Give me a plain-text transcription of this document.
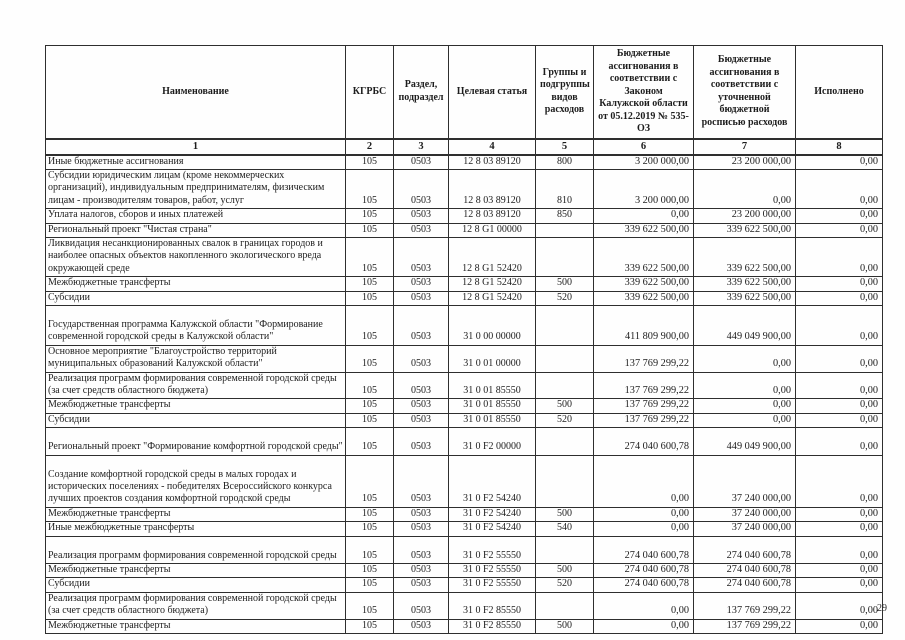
Наименование	КГРБС	Раздел, подраздел	Целевая статья	Группы и подгруппы видов расходов	Бюджетные ассигнования в соответствии с Законом Калужской области от 05.12.2019 № 535-ОЗ	Бюджетные ассигнования в соответствии с уточненной бюджетной росписью расходов	Исполнено
1	2	3	4	5	6	7	8
Иные бюджетные ассигнования	105	0503	12 8 03 89120	800	3 200 000,00	23 200 000,00	0,00
Субсидии юридическим лицам (кроме некоммерческих организаций), индивидуальным предпринимателям, физическим лицам - производителям товаров, работ, услуг	105	0503	12 8 03 89120	810	3 200 000,00	0,00	0,00
Уплата налогов, сборов и иных платежей	105	0503	12 8 03 89120	850	0,00	23 200 000,00	0,00
Региональный проект "Чистая страна"	105	0503	12 8 G1 00000		339 622 500,00	339 622 500,00	0,00
Ликвидация несанкционированных свалок в границах городов и наиболее опасных объектов накопленного экологического вреда окружающей среде	105	0503	12 8 G1 52420		339 622 500,00	339 622 500,00	0,00
Межбюджетные трансферты	105	0503	12 8 G1 52420	500	339 622 500,00	339 622 500,00	0,00
Субсидии	105	0503	12 8 G1 52420	520	339 622 500,00	339 622 500,00	0,00
Государственная программа Калужской области "Формирование современной городской среды в Калужской области"	105	0503	31 0 00 00000		411 809 900,00	449 049 900,00	0,00
Основное мероприятие "Благоустройство территорий муниципальных образований Калужской области"	105	0503	31 0 01 00000		137 769 299,22	0,00	0,00
Реализация программ формирования современной городской среды (за счет средств областного бюджета)	105	0503	31 0 01 85550		137 769 299,22	0,00	0,00
Межбюджетные трансферты	105	0503	31 0 01 85550	500	137 769 299,22	0,00	0,00
Субсидии	105	0503	31 0 01 85550	520	137 769 299,22	0,00	0,00
Региональный проект "Формирование комфортной городской среды"	105	0503	31 0 F2 00000		274 040 600,78	449 049 900,00	0,00
Создание комфортной городской среды в малых городах и исторических поселениях - победителях Всероссийского конкурса лучших проектов создания комфортной городской среды	105	0503	31 0 F2 54240		0,00	37 240 000,00	0,00
Межбюджетные трансферты	105	0503	31 0 F2 54240	500	0,00	37 240 000,00	0,00
Иные межбюджетные трансферты	105	0503	31 0 F2 54240	540	0,00	37 240 000,00	0,00
Реализация программ формирования современной городской среды	105	0503	31 0 F2 55550		274 040 600,78	274 040 600,78	0,00
Межбюджетные трансферты	105	0503	31 0 F2 55550	500	274 040 600,78	274 040 600,78	0,00
Субсидии	105	0503	31 0 F2 55550	520	274 040 600,78	274 040 600,78	0,00
Реализация программ формирования современной городской среды (за счет средств областного бюджета)	105	0503	31 0 F2 85550		0,00	137 769 299,22	0,00
Межбюджетные трансферты	105	0503	31 0 F2 85550	500	0,00	137 769 299,22	0,00
29
